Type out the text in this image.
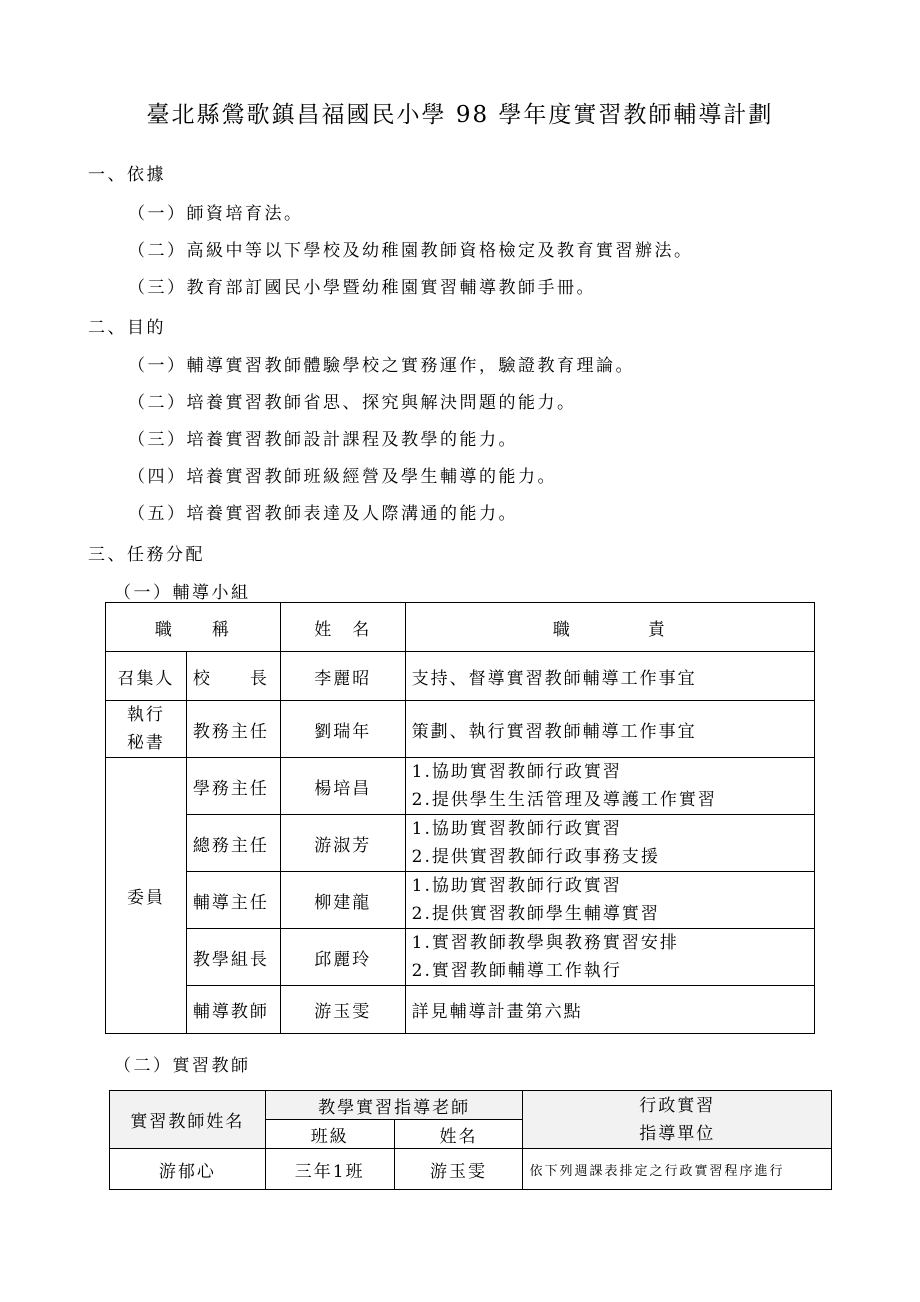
臺北縣鶯歌鎮昌福國民小學 98 學年度實習教師輔導計劃
一、依據
（一）師資培育法。
（二）高級中等以下學校及幼稚園教師資格檢定及教育實習辦法。
（三）教育部訂國民小學暨幼稚園實習輔導教師手冊。
二、目的
（一）輔導實習教師體驗學校之實務運作，驗證教育理論。
（二）培養實習教師省思、探究與解決問題的能力。
（三）培養實習教師設計課程及教學的能力。
（四）培養實習教師班級經營及學生輔導的能力。
（五）培養實習教師表達及人際溝通的能力。
三、任務分配
（一）輔導小組
職　　稱		姓　名	職　　　　責
召集人	校　　長	李麗昭	支持、督導實習教師輔導工作事宜

執行
秘書	教務主任	劉瑞年	策劃、執行實習教師輔導工作事宜
委員	學務主任	楊培昌	1.協助實習教師行政實習
2.提供學生生活管理及導護工作實習

	總務主任	游淑芳	1.協助實習教師行政實習
2.提供實習教師行政事務支援

	輔導主任	柳建龍	1.協助實習教師行政實習
2.提供實習教師學生輔導實習

	教學組長	邱麗玲	1.實習教師教學與教務實習安排
2.實習教師輔導工作執行

	輔導教師	游玉雯	詳見輔導計畫第六點
（二）實習教師
實習教師姓名	教學實習指導老師		行政實習
指導單位

	班級	姓名	
游郁心	三年1班	游玉雯	依下列週課表排定之行政實習程序進行
